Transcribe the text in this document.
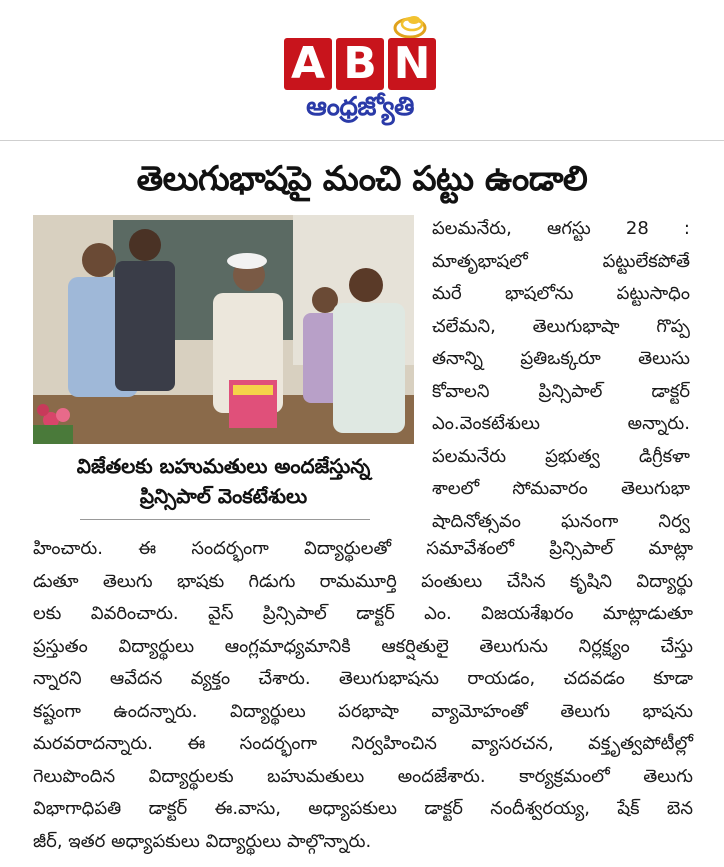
A B N
ఆంధ్రజ్యోతి
తెలుగుభాషపై మంచి పట్టు ఉండాలి
విజేతలకు బహుమతులు అందజేస్తున్న
ప్రిన్సిపాల్ వెంకటేశులు
పలమనేరు, ఆగస్టు 28 :
మాతృభాషలో పట్టులేకపోతే
మరే భాషలోను పట్టుసాధిం
చలేమని, తెలుగుభాషా గొప్ప
తనాన్ని ప్రతిఒక్కరూ తెలుసు
కోవాలని ప్రిన్సిపాల్ డాక్టర్
ఎం.వెంకటేశులు అన్నారు.
పలమనేరు ప్రభుత్వ డిగ్రీకళా
శాలలో సోమవారం తెలుగుభా
షాదినోత్సవం ఘనంగా నిర్వ
హించారు. ఈ సందర్భంగా విద్యార్థులతో సమావేశంలో ప్రిన్సిపాల్ మాట్లా
డుతూ తెలుగు భాషకు గిడుగు రామమూర్తి పంతులు చేసిన కృషిని విద్యార్థు
లకు వివరించారు. వైస్ ప్రిన్సిపాల్ డాక్టర్ ఎం. విజయశేఖరం మాట్లాడుతూ
ప్రస్తుతం విద్యార్థులు ఆంగ్లమాధ్యమానికి ఆకర్షితులై తెలుగును నిర్లక్ష్యం చేస్తు
న్నారని ఆవేదన వ్యక్తం చేశారు. తెలుగుభాషను రాయడం, చదవడం కూడా
కష్టంగా ఉందన్నారు. విద్యార్థులు పరభాషా వ్యామోహంతో తెలుగు భాషను
మరవరాదన్నారు. ఈ సందర్భంగా నిర్వహించిన వ్యాసరచన, వక్తృత్వపోటీల్లో
గెలుపొందిన విద్యార్థులకు బహుమతులు అందజేశారు. కార్యక్రమంలో తెలుగు
విభాగాధిపతి డాక్టర్ ఈ.వాసు, అధ్యాపకులు డాక్టర్ నందీశ్వరయ్య, షేక్ బెన
జీర్, ఇతర అధ్యాపకులు విద్యార్థులు పాల్గొన్నారు.
